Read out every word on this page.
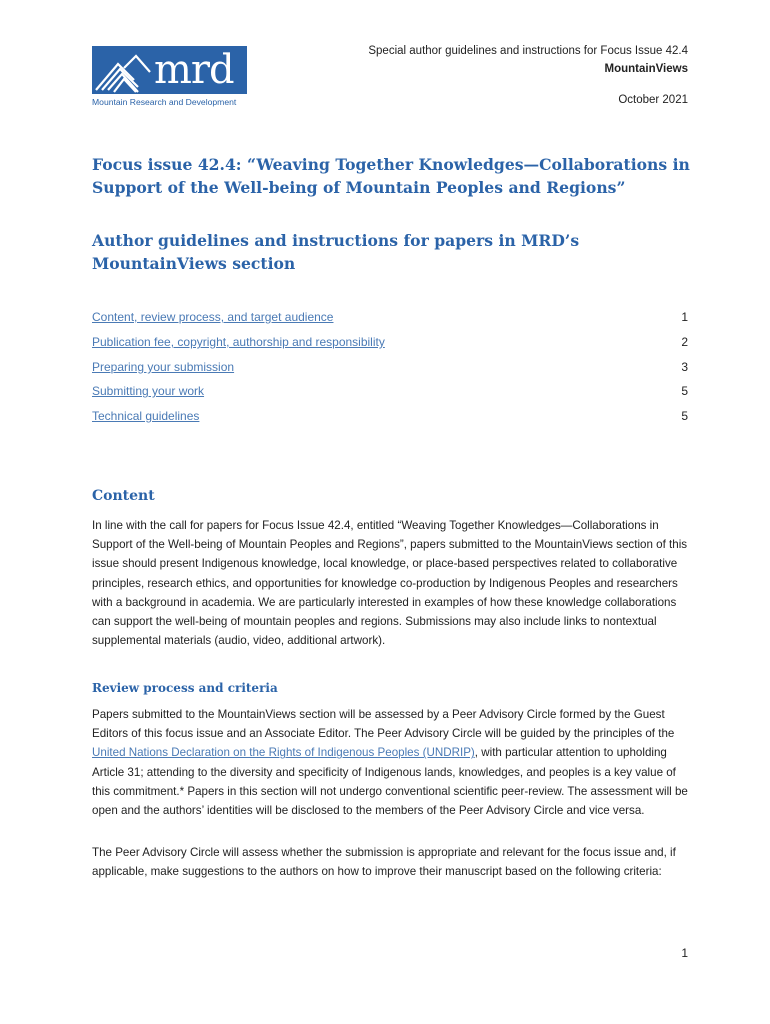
mrd
Mountain Research and Development
Special author guidelines and instructions for Focus Issue 42.4
MountainViews
October 2021
Focus issue 42.4: “Weaving Together Knowledges—Collaborations in Support of the Well-being of Mountain Peoples and Regions”
Author guidelines and instructions for papers in MRD’s MountainViews section
Content, review process, and target audience	1
Publication fee, copyright, authorship and responsibility	2
Preparing your submission	3
Submitting your work	5
Technical guidelines	5
Content
In line with the call for papers for Focus Issue 42.4, entitled “Weaving Together Knowledges—Collaborations in Support of the Well-being of Mountain Peoples and Regions”, papers submitted to the MountainViews section of this issue should present Indigenous knowledge, local knowledge, or place-based perspectives related to collaborative principles, research ethics, and opportunities for knowledge co-production by Indigenous Peoples and researchers with a background in academia. We are particularly interested in examples of how these knowledge collaborations can support the well-being of mountain peoples and regions. Submissions may also include links to nontextual supplemental materials (audio, video, additional artwork).
Review process and criteria
Papers submitted to the MountainViews section will be assessed by a Peer Advisory Circle formed by the Guest Editors of this focus issue and an Associate Editor. The Peer Advisory Circle will be guided by the principles of the United Nations Declaration on the Rights of Indigenous Peoples (UNDRIP), with particular attention to upholding Article 31; attending to the diversity and specificity of Indigenous lands, knowledges, and peoples is a key value of this commitment.* Papers in this section will not undergo conventional scientific peer-review. The assessment will be open and the authors’ identities will be disclosed to the members of the Peer Advisory Circle and vice versa.
The Peer Advisory Circle will assess whether the submission is appropriate and relevant for the focus issue and, if applicable, make suggestions to the authors on how to improve their manuscript based on the following criteria:
1
